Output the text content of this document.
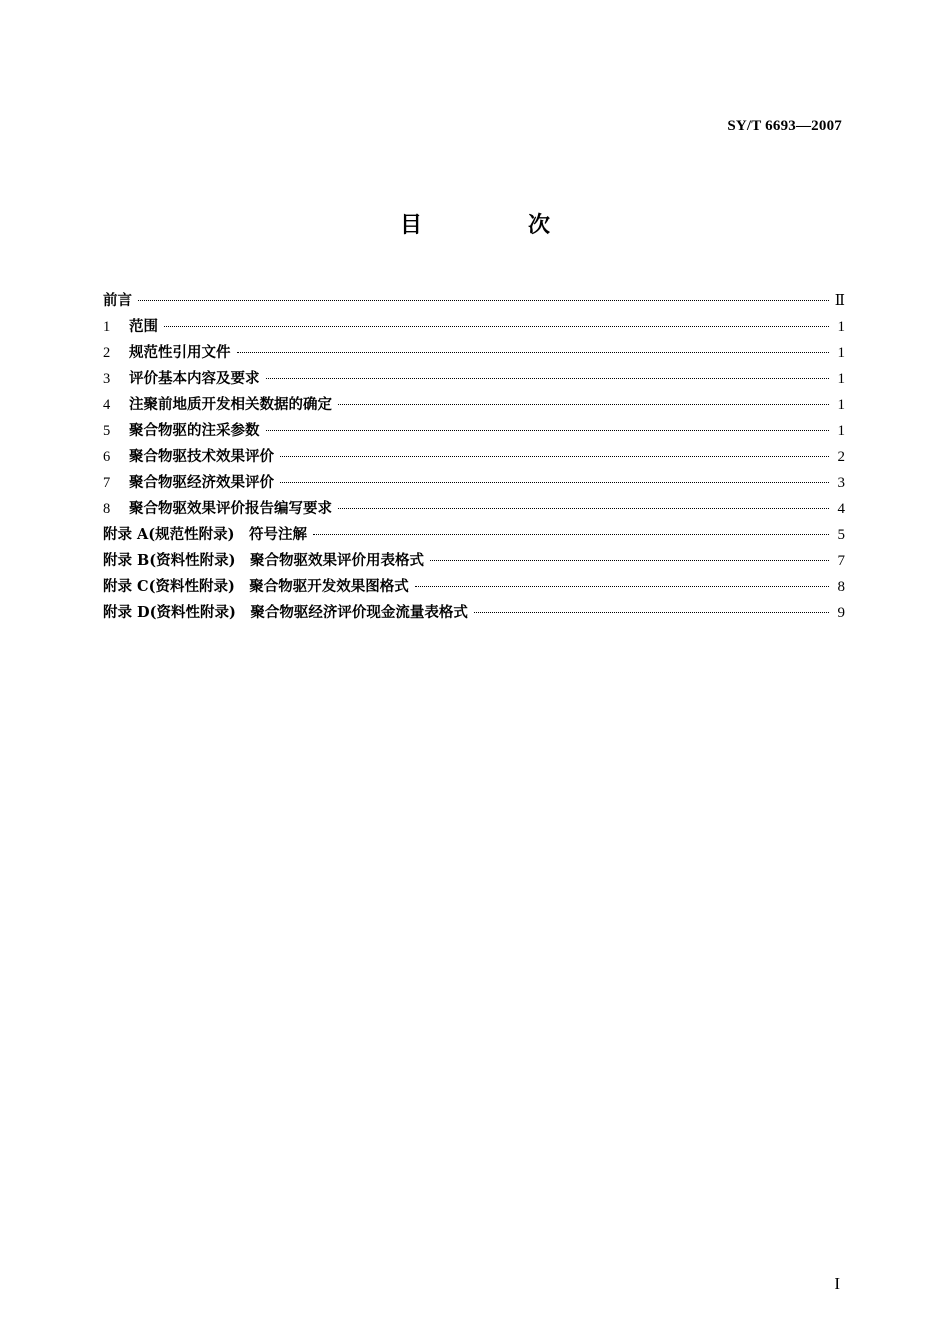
SY/T 6693—2007
目　次
前言	Ⅱ
1	范围	1
2	规范性引用文件	1
3	评价基本内容及要求	1
4	注聚前地质开发相关数据的确定	1
5	聚合物驱的注采参数	1
6	聚合物驱技术效果评价	2
7	聚合物驱经济效果评价	3
8	聚合物驱效果评价报告编写要求	4
附录 A(规范性附录)　符号注解	5
附录 B(资料性附录)　聚合物驱效果评价用表格式	7
附录 C(资料性附录)　聚合物驱开发效果图格式	8
附录 D(资料性附录)　聚合物驱经济评价现金流量表格式	9
I
